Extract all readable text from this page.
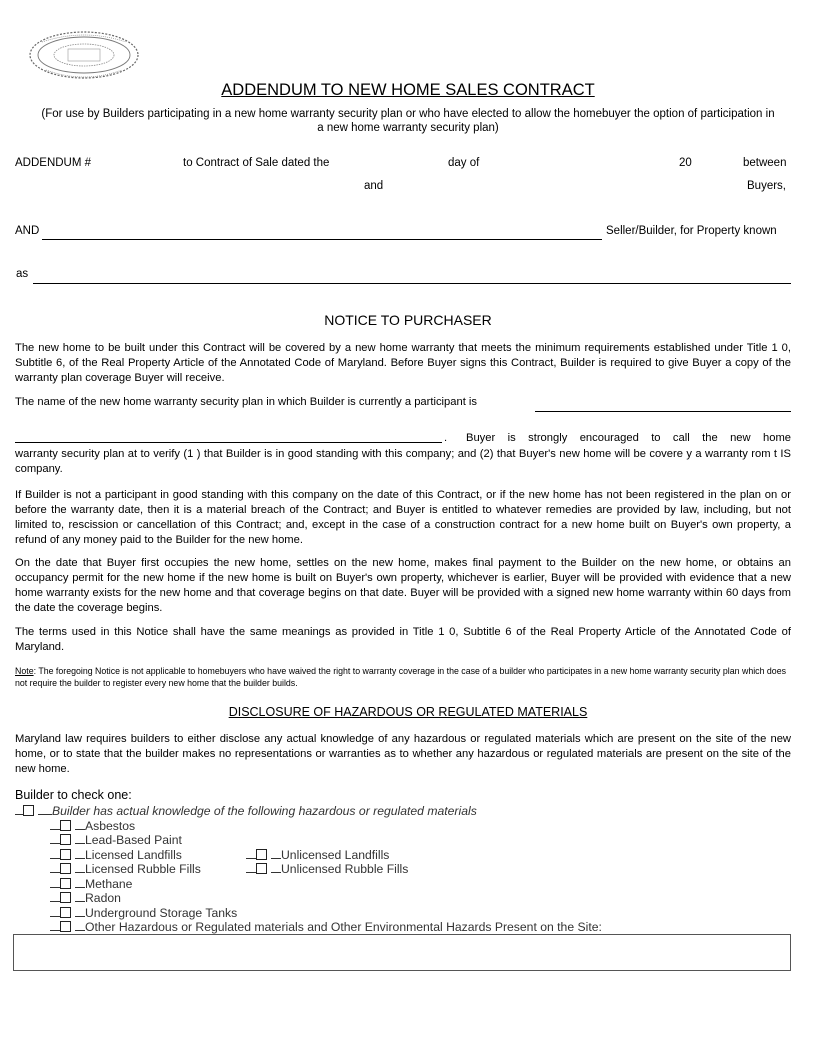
ADDENDUM TO NEW HOME SALES CONTRACT
(For use by Builders participating in a new home warranty security plan or who have elected to allow the homebuyer the option of participation in a new home warranty security plan)
ADDENDUM #	to Contract of Sale dated the	day of	20	between
and	Buyers,
AND	Seller/Builder, for Property known
as
NOTICE TO PURCHASER
The new home to be built under this Contract will be covered by a new home warranty that meets the minimum requirements established under Title 1 0, Subtitle 6, of the Real Property Article of the Annotated Code of Maryland. Before Buyer signs this Contract, Builder is required to give Buyer a copy of the warranty plan coverage Buyer will receive.
The name of the new home warranty security plan in which Builder is currently a participant is
. Buyer is strongly encouraged to call the new home
warranty security plan at to verify (1 ) that Builder is in good standing with this company; and (2) that Buyer's new home will be covere y a warranty rom t IS company.
If Builder is not a participant in good standing with this company on the date of this Contract, or if the new home has not been registered in the plan on or before the warranty date, then it is a material breach of the Contract; and Buyer is entitled to whatever remedies are provided by law, including, but not limited to, rescission or cancellation of this Contract; and, except in the case of a construction contract for a new home built on Buyer's own property, a refund of any money paid to the Builder for the new home.
On the date that Buyer first occupies the new home, settles on the new home, makes final payment to the Builder on the new home, or obtains an occupancy permit for the new home if the new home is built on Buyer's own property, whichever is earlier, Buyer will be provided with evidence that a new home warranty exists for the new home and that coverage begins on that date. Buyer will be provided with a signed new home warranty within 60 days from the date the coverage begins.
The terms used in this Notice shall have the same meanings as provided in Title 1 0, Subtitle 6 of the Real Property Article of the Annotated Code of Maryland.
Note: The foregoing Notice is not applicable to homebuyers who have waived the right to warranty coverage in the case of a builder who participates in a new home warranty security plan which does not require the builder to register every new home that the builder builds.
DISCLOSURE OF HAZARDOUS OR REGULATED MATERIALS
Maryland law requires builders to either disclose any actual knowledge of any hazardous or regulated materials which are present on the site of the new home, or to state that the builder makes no representations or warranties as to whether any hazardous or regulated materials are present on the site of the new home.
Builder to check one:
Builder has actual knowledge of the following hazardous or regulated materials
Asbestos
Lead-Based Paint
Licensed Landfills	Unlicensed Landfills
Licensed Rubble Fills	Unlicensed Rubble Fills
Methane
Radon
Underground Storage Tanks
Other Hazardous or Regulated materials and Other Environmental Hazards Present on the Site:
